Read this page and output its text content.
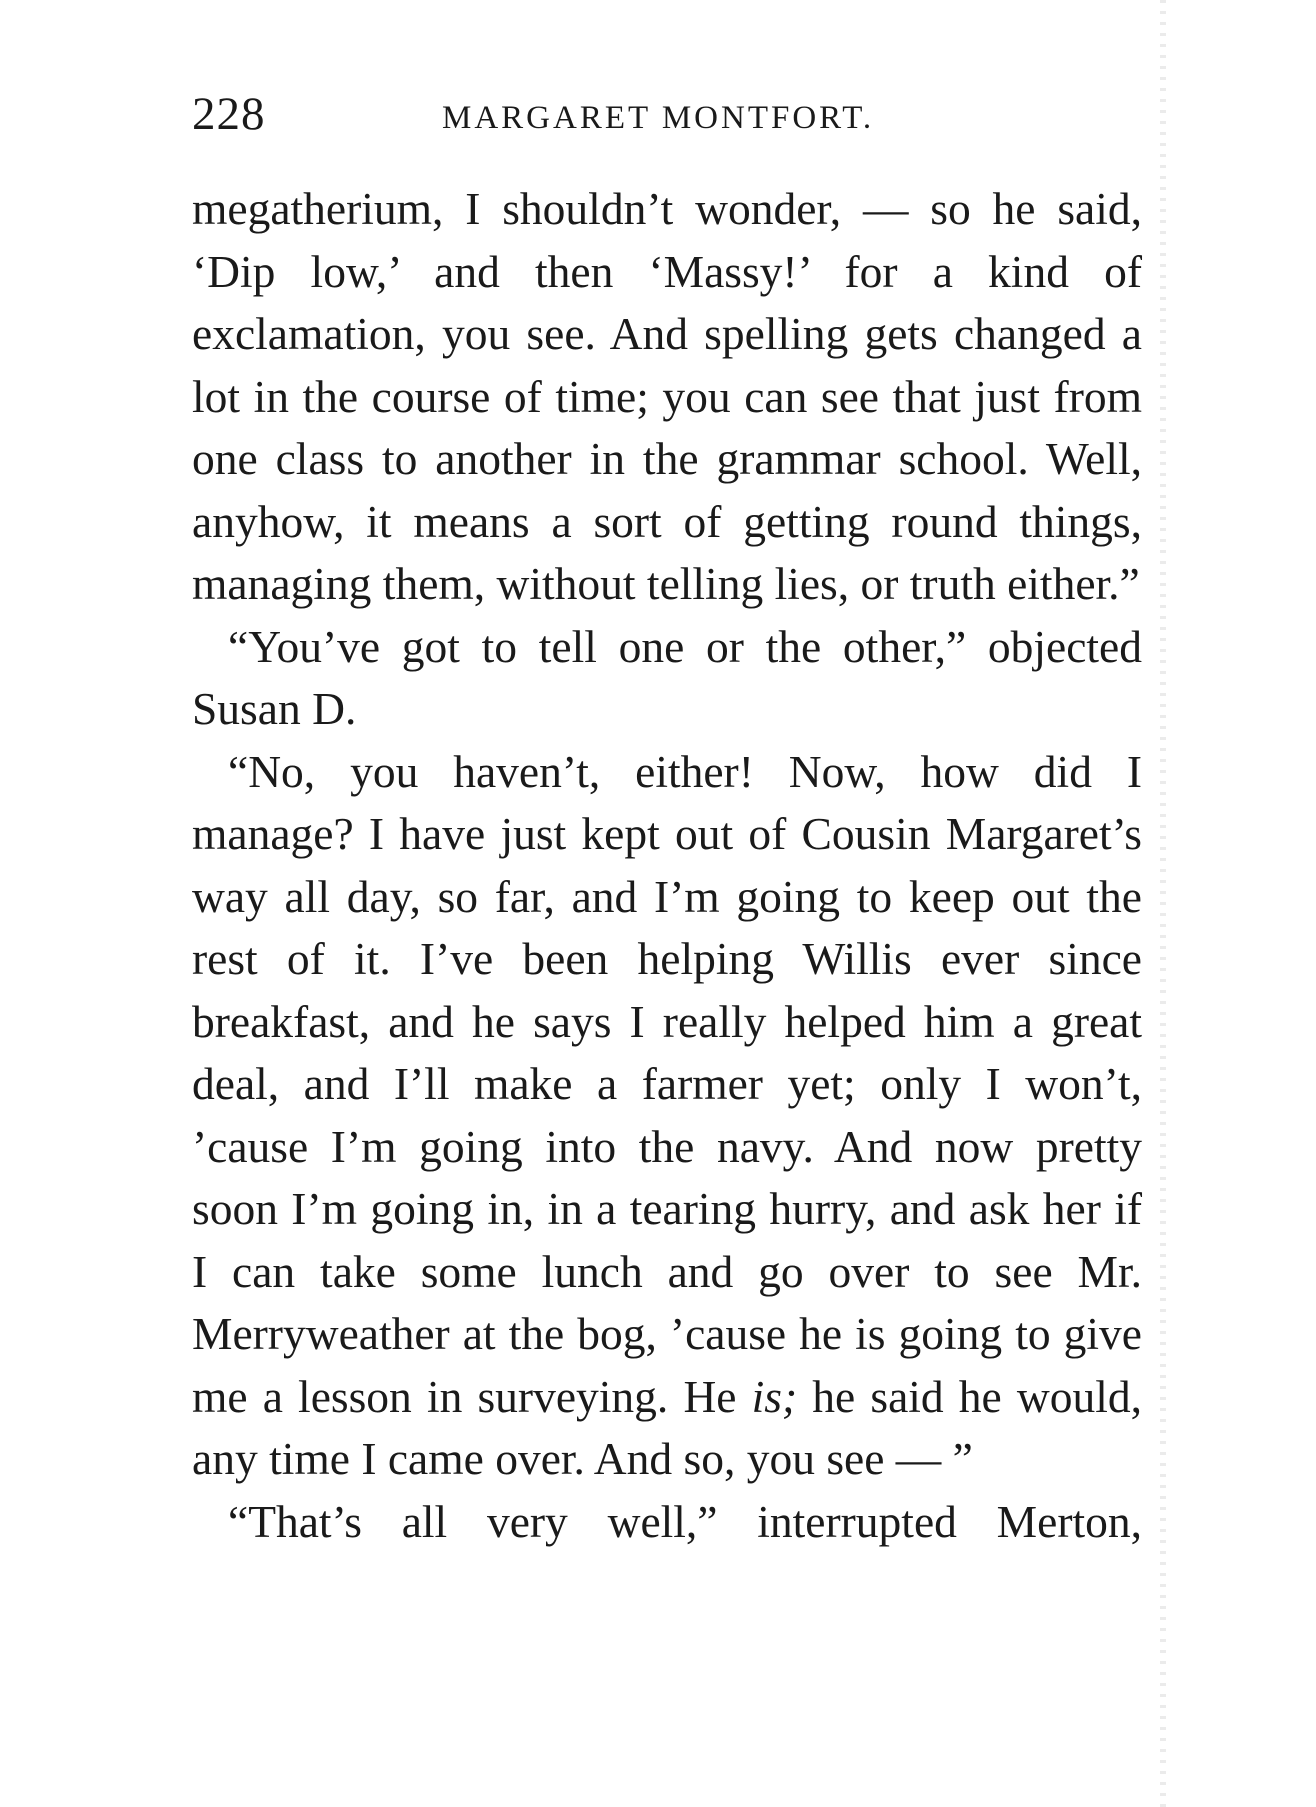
228	MARGARET MONTFORT.

megatherium, I shouldn’t wonder, — so he said, ‘Dip low,’ and then ‘Massy!’ for a kind of exclamation, you see. And spelling gets changed a lot in the course of time; you can see that just from one class to another in the grammar school. Well, anyhow, it means a sort of getting round things, managing them, without telling lies, or truth either.”

“You’ve got to tell one or the other,” objected Susan D.

“No, you haven’t, either! Now, how did I manage? I have just kept out of Cousin Margaret’s way all day, so far, and I’m going to keep out the rest of it. I’ve been helping Willis ever since breakfast, and he says I really helped him a great deal, and I’ll make a farmer yet; only I won’t, ’cause I’m going into the navy. And now pretty soon I’m going in, in a tearing hurry, and ask her if I can take some lunch and go over to see Mr. Merryweather at the bog, ’cause he is going to give me a lesson in surveying. He is; he said he would, any time I came over. And so, you see — ”

“That’s all very well,” interrupted Merton,
